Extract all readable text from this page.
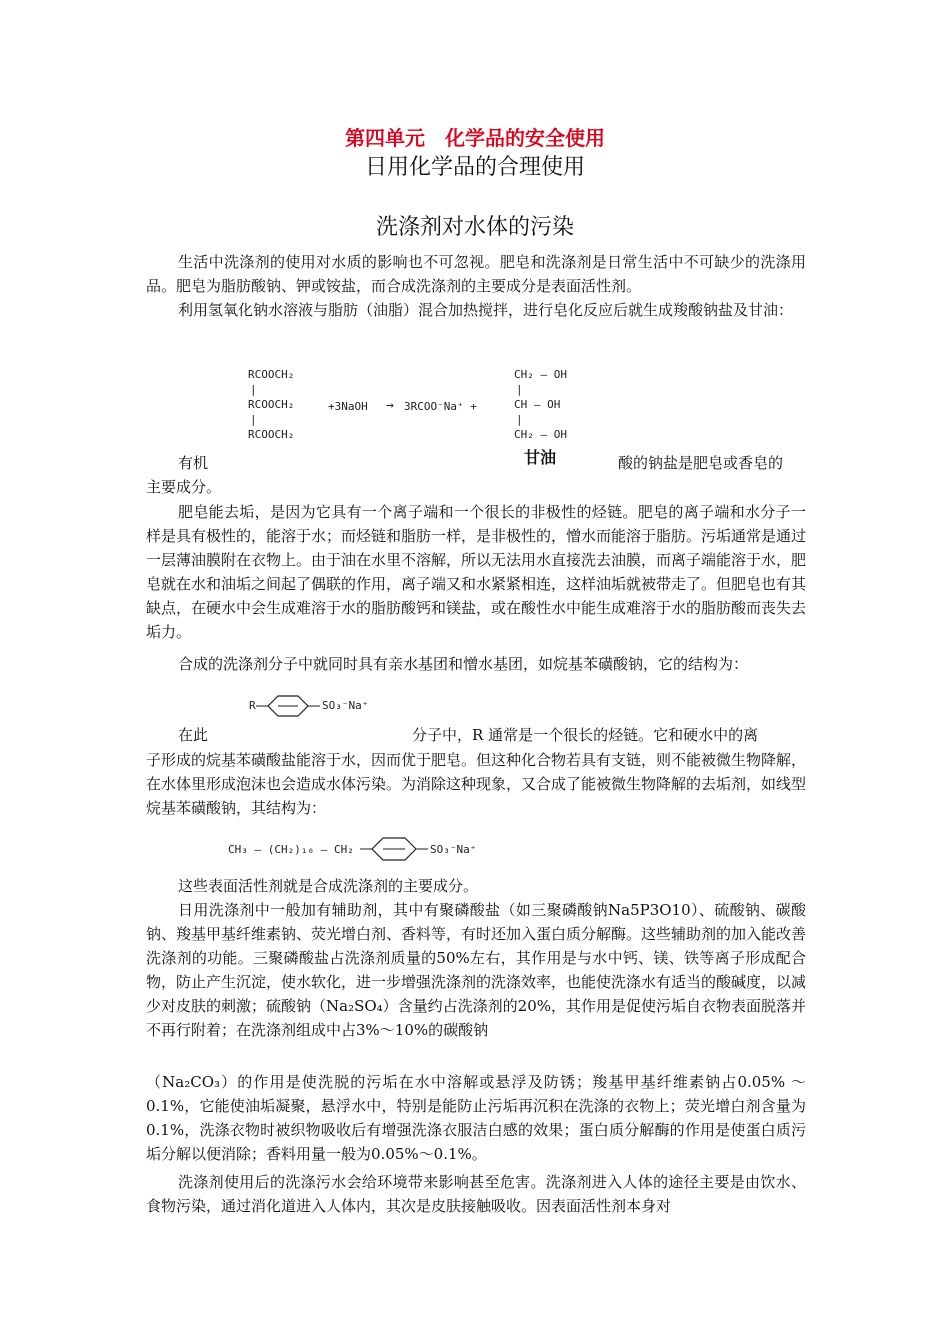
第四单元　化学品的安全使用
日用化学品的合理使用
洗涤剂对水体的污染
生活中洗涤剂的使用对水质的影响也不可忽视。肥皂和洗涤剂是日常生活中不可缺少的洗涤用品。肥皂为脂肪酸钠、钾或铵盐，而合成洗涤剂的主要成分是表面活性剂。
利用氢氧化钠水溶液与脂肪（油脂）混合加热搅拌，进行皂化反应后就生成羧酸钠盐及甘油：
RCOOCH₂
|
RCOOCH₂
|
RCOOCH₂
+3NaOH → 3RCOO⁻Na⁺ +
CH₂ — OH
|
CH — OH
|
CH₂ — OH
甘油
有机	酸的钠盐是肥皂或香皂的
主要成分。
肥皂能去垢，是因为它具有一个离子端和一个很长的非极性的烃链。肥皂的离子端和水分子一样是具有极性的，能溶于水；而烃链和脂肪一样，是非极性的，憎水而能溶于脂肪。污垢通常是通过一层薄油膜附在衣物上。由于油在水里不溶解，所以无法用水直接洗去油膜，而离子端能溶于水，肥皂就在水和油垢之间起了偶联的作用，离子端又和水紧紧相连，这样油垢就被带走了。但肥皂也有其缺点，在硬水中会生成难溶于水的脂肪酸钙和镁盐，或在酸性水中能生成难溶于水的脂肪酸而丧失去垢力。
合成的洗涤剂分子中就同时具有亲水基团和憎水基团，如烷基苯磺酸钠，它的结构为：
R	SO₃⁻Na⁺
在此	分子中，R 通常是一个很长的烃链。它和硬水中的离
子形成的烷基苯磺酸盐能溶于水，因而优于肥皂。但这种化合物若具有支链，则不能被微生物降解，在水体里形成泡沫也会造成水体污染。为消除这种现象，又合成了能被微生物降解的去垢剂，如线型烷基苯磺酸钠，其结构为：
CH₃ — (CH₂)₁₀ — CH₂	SO₃⁻Na⁺
这些表面活性剂就是合成洗涤剂的主要成分。
日用洗涤剂中一般加有辅助剂，其中有聚磷酸盐（如三聚磷酸钠Na5P3O10）、硫酸钠、碳酸钠、羧基甲基纤维素钠、荧光增白剂、香料等，有时还加入蛋白质分解酶。这些辅助剂的加入能改善洗涤剂的功能。三聚磷酸盐占洗涤剂质量的50%左右，其作用是与水中钙、镁、铁等离子形成配合物，防止产生沉淀，使水软化，进一步增强洗涤剂的洗涤效率，也能使洗涤水有适当的酸碱度，以减少对皮肤的刺激；硫酸钠（Na₂SO₄）含量约占洗涤剂的20%，其作用是促使污垢自衣物表面脱落并不再行附着；在洗涤剂组成中占3%～10%的碳酸钠
（Na₂CO₃）的作用是使洗脱的污垢在水中溶解或悬浮及防锈；羧基甲基纤维素钠占0.05% ～ 0.1%，它能使油垢凝聚，悬浮水中，特别是能防止污垢再沉积在洗涤的衣物上；荧光增白剂含量为 0.1%，洗涤衣物时被织物吸收后有增强洗涤衣服洁白感的效果；蛋白质分解酶的作用是使蛋白质污垢分解以便消除；香料用量一般为0.05%～0.1%。
洗涤剂使用后的洗涤污水会给环境带来影响甚至危害。洗涤剂进入人体的途径主要是由饮水、食物污染，通过消化道进入人体内，其次是皮肤接触吸收。因表面活性剂本身对
